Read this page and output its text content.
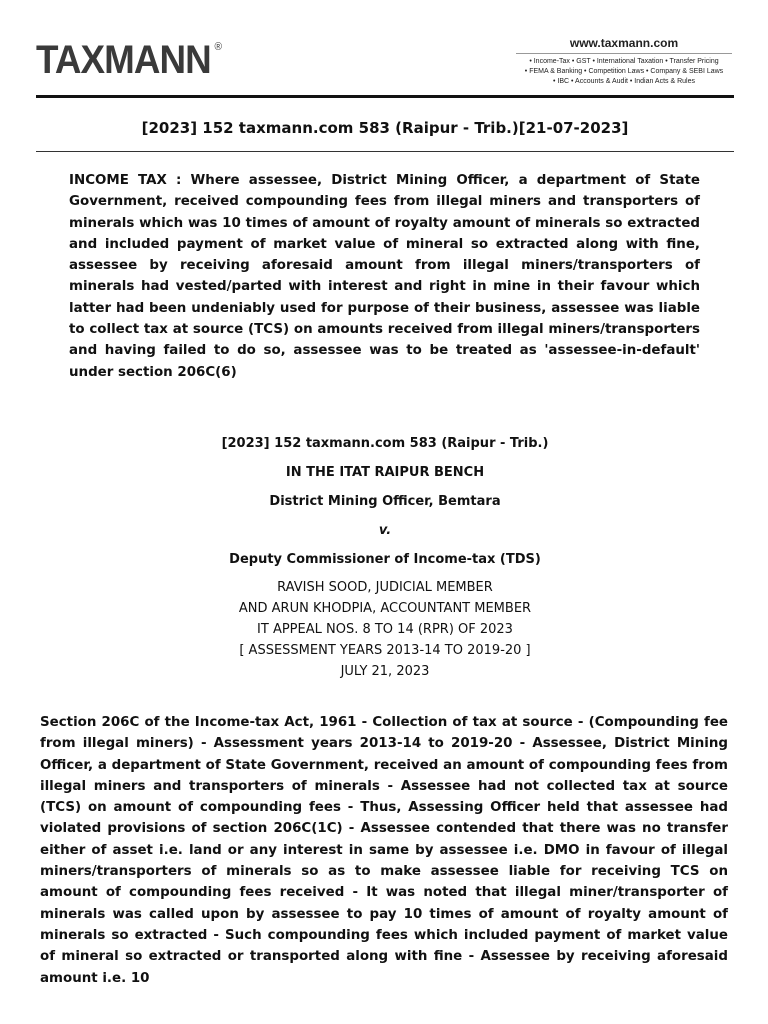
TAXMANN ®	www.taxmann.com
• Income-Tax • GST • International Taxation • Transfer Pricing
• FEMA & Banking • Competition Laws • Company & SEBI Laws
• IBC • Accounts & Audit • Indian Acts & Rules
[2023] 152 taxmann.com 583 (Raipur - Trib.)[21-07-2023]

INCOME TAX : Where assessee, District Mining Officer, a department of State Government, received compounding fees from illegal miners and transporters of minerals which was 10 times of amount of royalty amount of minerals so extracted and included payment of market value of mineral so extracted along with fine, assessee by receiving aforesaid amount from illegal miners/transporters of minerals had vested/parted with interest and right in mine in their favour which latter had been undeniably used for purpose of their business, assessee was liable to collect tax at source (TCS) on amounts received from illegal miners/transporters and having failed to do so, assessee was to be treated as 'assessee-in-default' under section 206C(6)

[2023] 152 taxmann.com 583 (Raipur - Trib.)

IN THE ITAT RAIPUR BENCH

District Mining Officer, Bemtara

v.

Deputy Commissioner of Income-tax (TDS)

RAVISH SOOD, JUDICIAL MEMBER

AND ARUN KHODPIA, ACCOUNTANT MEMBER

IT APPEAL NOS. 8 TO 14 (RPR) OF 2023

[ ASSESSMENT YEARS 2013-14 TO 2019-20 ]

JULY 21, 2023

Section 206C of the Income-tax Act, 1961 - Collection of tax at source - (Compounding fee from illegal miners) - Assessment years 2013-14 to 2019-20 - Assessee, District Mining Officer, a department of State Government, received an amount of compounding fees from illegal miners and transporters of minerals - Assessee had not collected tax at source (TCS) on amount of compounding fees - Thus, Assessing Officer held that assessee had violated provisions of section 206C(1C) - Assessee contended that there was no transfer either of asset i.e. land or any interest in same by assessee i.e. DMO in favour of illegal miners/transporters of minerals so as to make assessee liable for receiving TCS on amount of compounding fees received - It was noted that illegal miner/transporter of minerals was called upon by assessee to pay 10 times of amount of royalty amount of minerals so extracted - Such compounding fees which included payment of market value of mineral so extracted or transported along with fine - Assessee by receiving aforesaid amount i.e. 10
